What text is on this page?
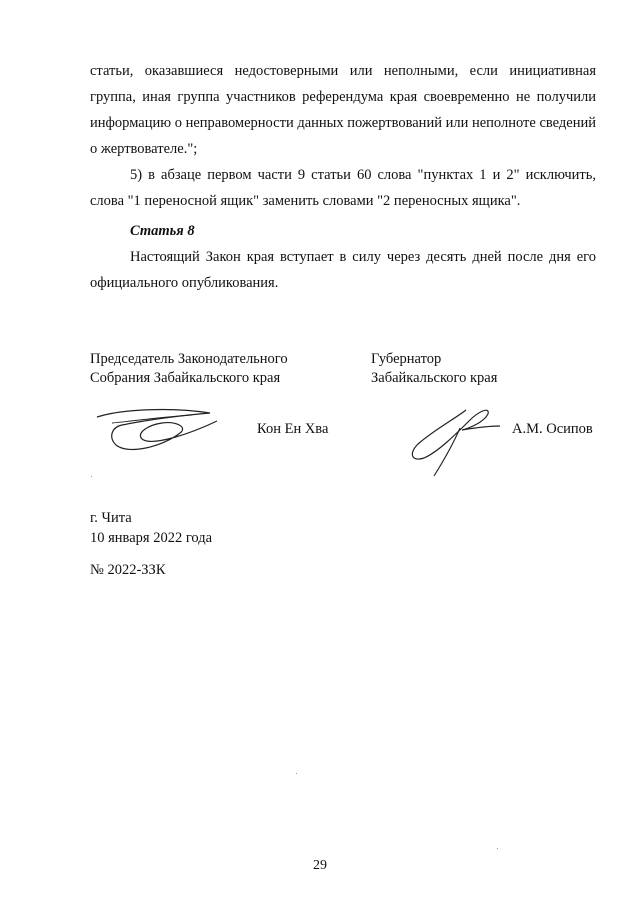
статьи, оказавшиеся недостоверными или неполными, если инициативная группа, иная группа участников референдума края своевременно не получили информацию о неправомерности данных пожертвований или неполноте сведений о жертвователе.";

5) в абзаце первом части 9 статьи 60 слова "пунктах 1 и 2" исключить, слова "1 переносной ящик" заменить словами "2 переносных ящика".

Статья 8

Настоящий Закон края вступает в силу через десять дней после дня его официального опубликования.

Председатель Законодательного
Собрания Забайкальского края
Кон Ен Хва
Губернатор
Забайкальского края
А.М. Осипов
г. Чита
10 января 2022 года
№ 2022-ЗЗК
29
